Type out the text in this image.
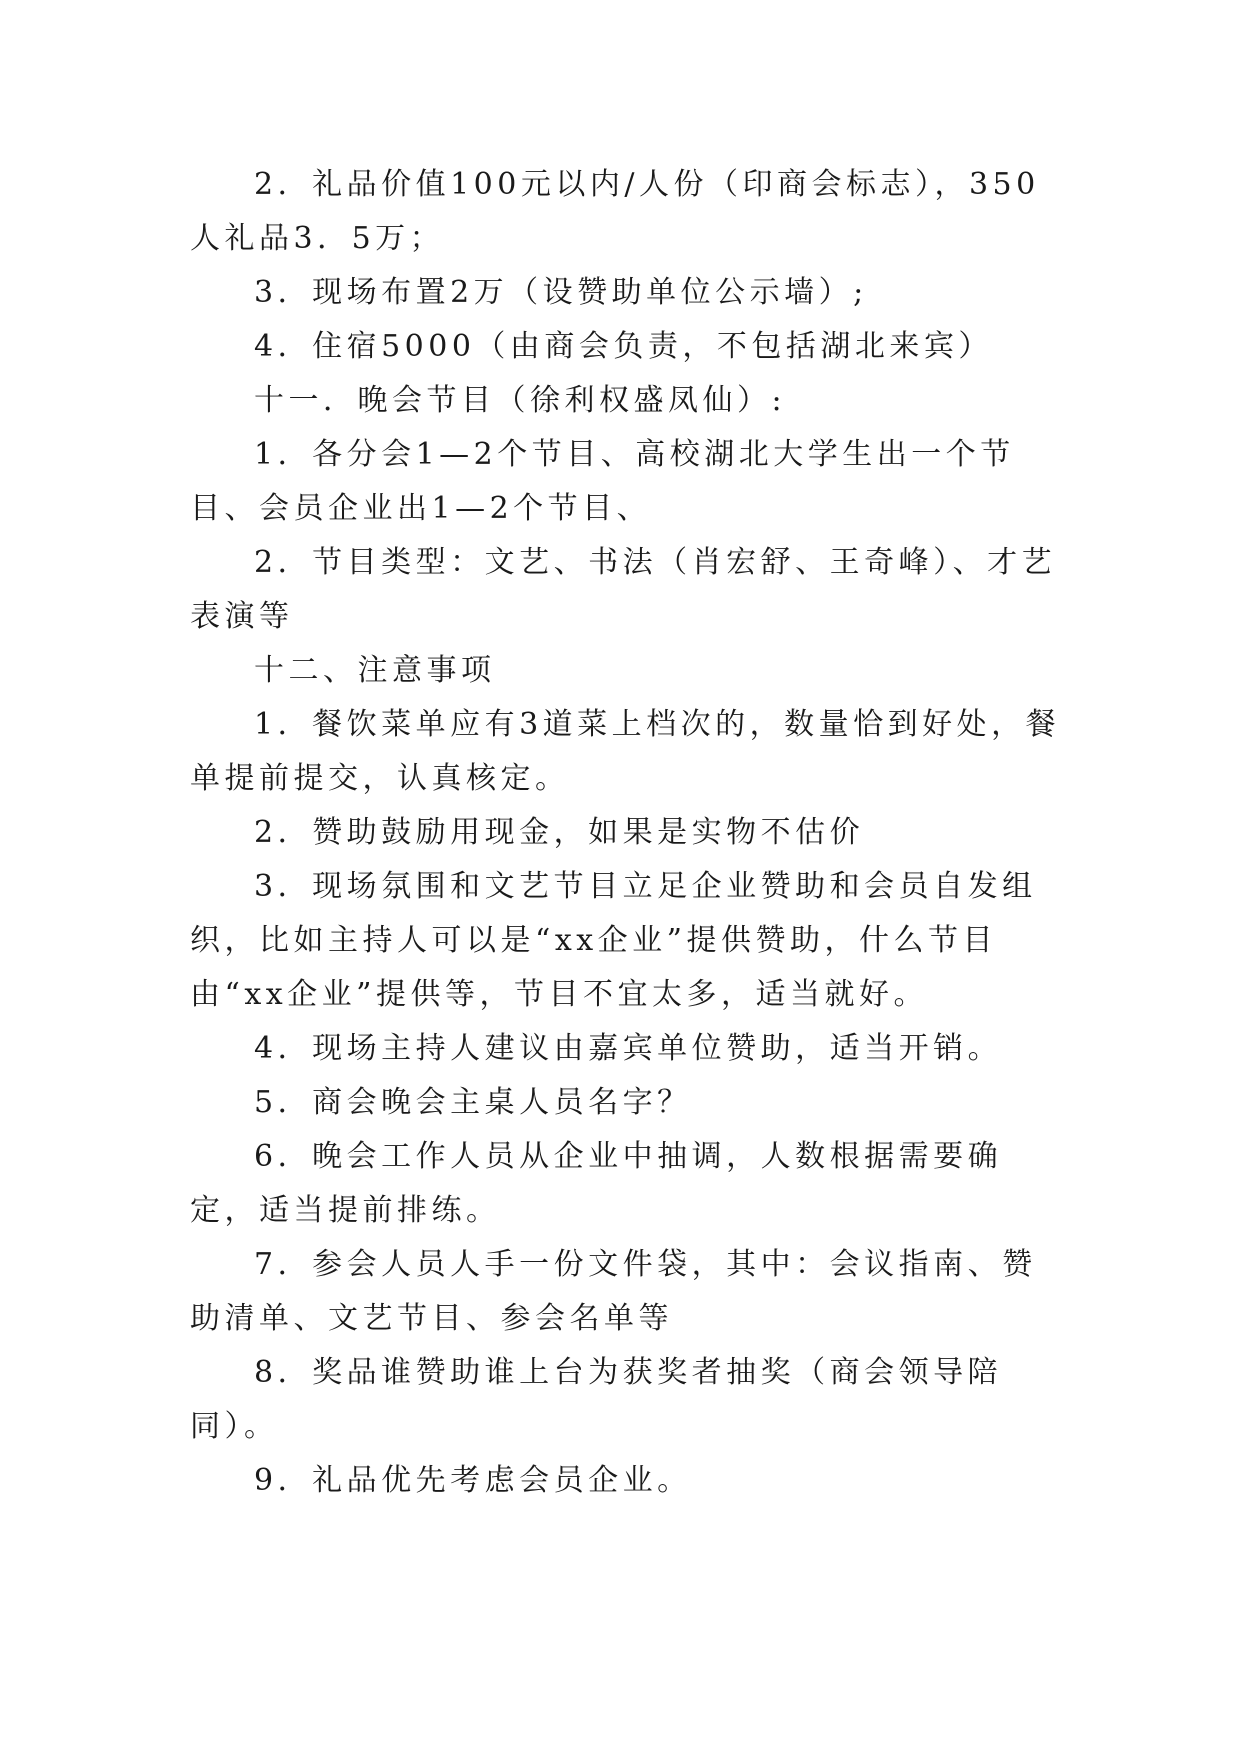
2．礼品价值100元以内/人份（印商会标志），350人礼品3．5万；

3．现场布置2万（设赞助单位公示墙）;

4．住宿5000（由商会负责，不包括湖北来宾）

十一．晚会节目（徐利权盛凤仙）:

1．各分会1—2个节目、高校湖北大学生出一个节目、会员企业出1—2个节目、

2．节目类型：文艺、书法（肖宏舒、王奇峰）、才艺表演等

十二、注意事项

1．餐饮菜单应有3道菜上档次的，数量恰到好处，餐单提前提交，认真核定。

2．赞助鼓励用现金，如果是实物不估价

3．现场氛围和文艺节目立足企业赞助和会员自发组织，比如主持人可以是“xx企业”提供赞助，什么节目由“xx企业”提供等，节目不宜太多，适当就好。

4．现场主持人建议由嘉宾单位赞助，适当开销。

5．商会晚会主桌人员名字？

6．晚会工作人员从企业中抽调，人数根据需要确定，适当提前排练。

7．参会人员人手一份文件袋，其中：会议指南、赞助清单、文艺节目、参会名单等

8．奖品谁赞助谁上台为获奖者抽奖（商会领导陪同）。

9．礼品优先考虑会员企业。
